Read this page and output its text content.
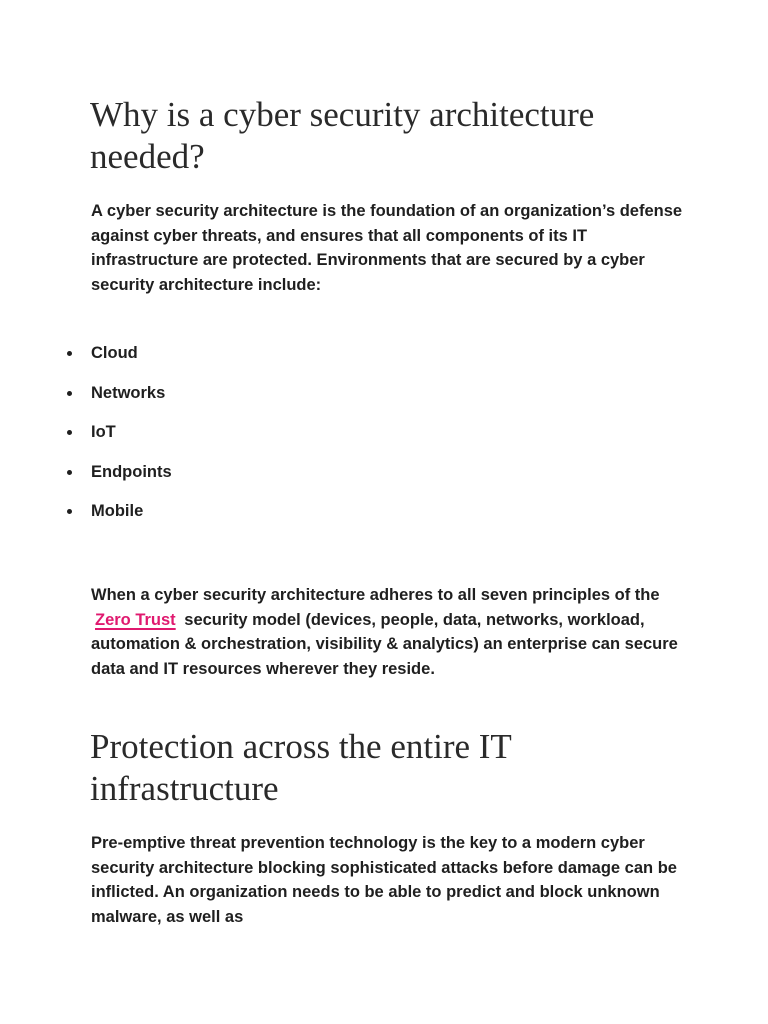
Why is a cyber security architecture needed?

A cyber security architecture is the foundation of an organization’s defense against cyber threats, and ensures that all components of its IT infrastructure are protected. Environments that are secured by a cyber security architecture include:

Cloud
Networks
IoT
Endpoints
Mobile

When a cyber security architecture adheres to all seven principles of the Zero Trust security model (devices, people, data, networks, workload, automation & orchestration, visibility & analytics) an enterprise can secure data and IT resources wherever they reside.

Protection across the entire IT infrastructure

Pre-emptive threat prevention technology is the key to a modern cyber security architecture blocking sophisticated attacks before damage can be inflicted. An organization needs to be able to predict and block unknown malware, as well as
